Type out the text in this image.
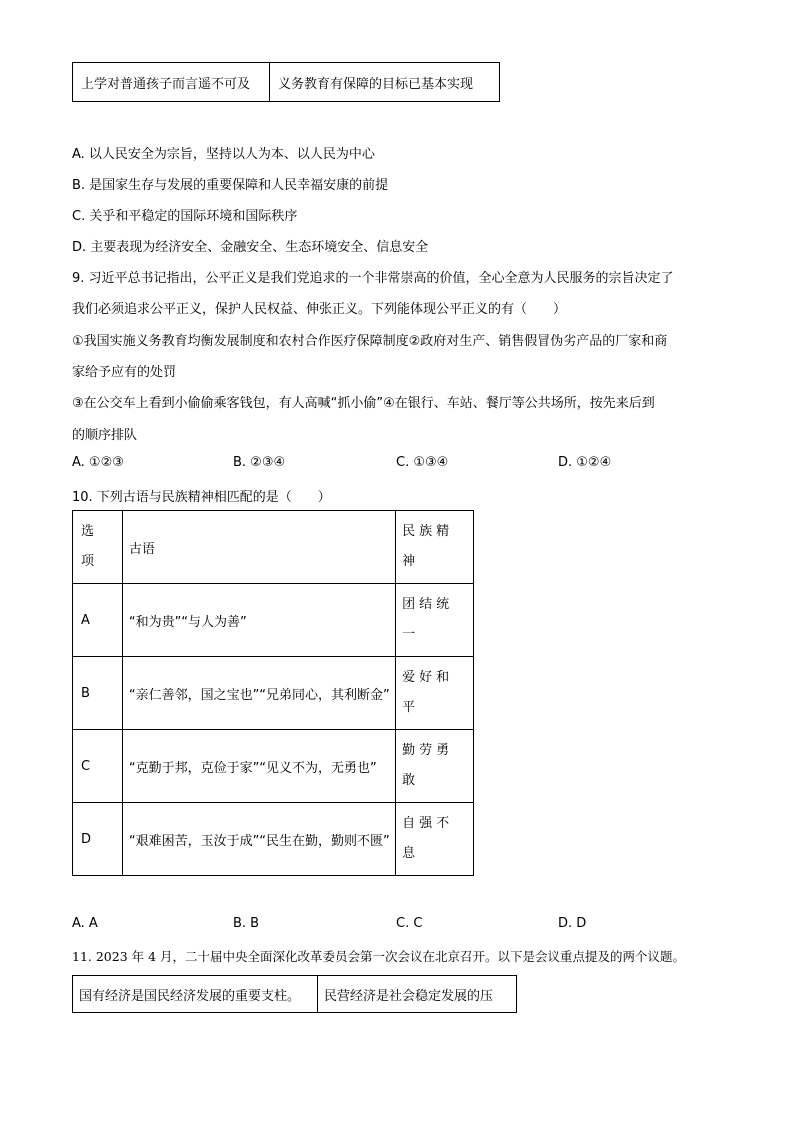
上学对普通孩子而言遥不可及	义务教育有保障的目标已基本实现
A. 以人民安全为宗旨，坚持以人为本、以人民为中心
B. 是国家生存与发展的重要保障和人民幸福安康的前提
C. 关乎和平稳定的国际环境和国际秩序
D. 主要表现为经济安全、金融安全、生态环境安全、信息安全
9. 习近平总书记指出，公平正义是我们党追求的一个非常崇高的价值，全心全意为人民服务的宗旨决定了
我们必须追求公平正义，保护人民权益、伸张正义。下列能体现公平正义的有（　　）
①我国实施义务教育均衡发展制度和农村合作医疗保障制度②政府对生产、销售假冒伪劣产品的厂家和商
家给予应有的处罚
③在公交车上看到小偷偷乘客钱包，有人高喊“抓小偷”④在银行、车站、餐厅等公共场所，按先来后到
的顺序排队
A. ①②③	B. ②③④	C. ①③④	D. ①②④
10. 下列古语与民族精神相匹配的是（　　）
选项	古语	民族精神
A	“和为贵”“与人为善”	团结统一
B	“亲仁善邻，国之宝也”“兄弟同心，其利断金”	爱好和平
C	“克勤于邦，克俭于家”“见义不为，无勇也”	勤劳勇敢
D	“艰难困苦，玉汝于成”“民生在勤，勤则不匮”	自强不息
A. A	B. B	C. C	D. D
11. 2023 年 4 月，二十届中央全面深化改革委员会第一次会议在北京召开。以下是会议重点提及的两个议题。
国有经济是国民经济发展的重要支柱。	民营经济是社会稳定发展的压
